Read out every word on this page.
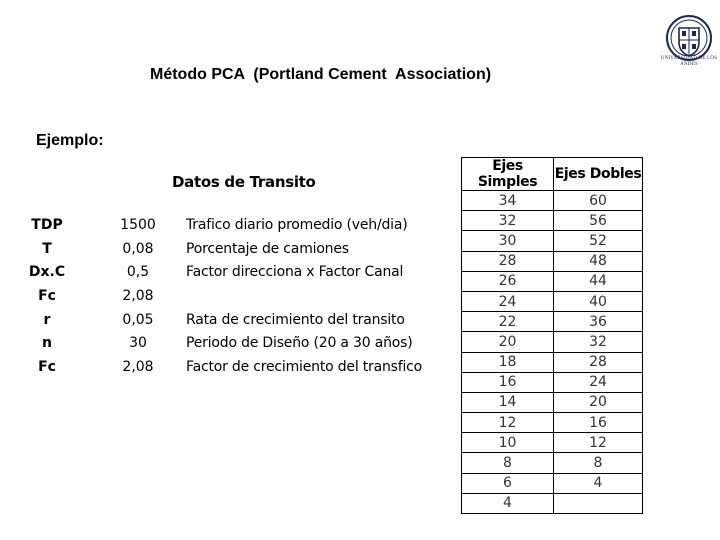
Método PCA  (Portland Cement  Association)
Ejemplo:
UNIVERSIDAD DE LOS ANDES
Datos de Transito
TDP	1500 Trafico diario promedio (veh/dia)
T	0,08 Porcentaje de camiones
Dx.C	0,5	Factor direcciona x Factor Canal
Fc	2,08
r	0,05 Rata de crecimiento del transito
n	30	Periodo de Diseño (20 a 30 años)
Fc	2,08 Factor de crecimiento del transfico
Ejes Simples	Ejes Dobles
34	60
32	56
30	52
28	48
26	44
24	40
22	36
20	32
18	28
16	24
14	20
12	16
10	12
8	8
6	4
4	
